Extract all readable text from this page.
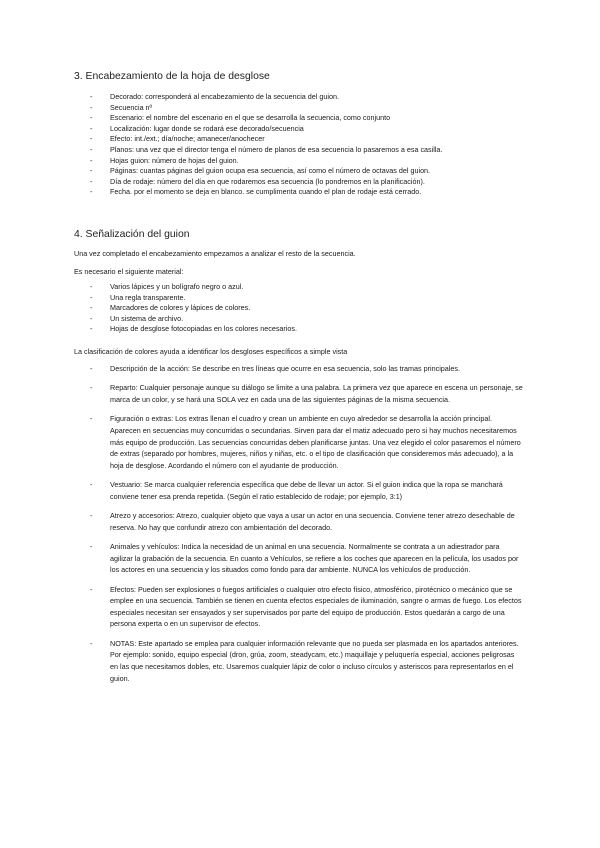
3. Encabezamiento de la hoja de desglose
- Decorado: corresponderá al encabezamiento de la secuencia del guion.
- Secuencia nº
- Escenario: el nombre del escenario en el que se desarrolla la secuencia, como conjunto
- Localización: lugar donde se rodará ese decorado/secuencia
- Efecto: int./ext.; día/noche; amanecer/anochecer
- Planos: una vez que el director tenga el número de planos de esa secuencia lo pasaremos a esa casilla.
- Hojas guion: número de hojas del guion.
- Páginas: cuantas páginas del guion ocupa esa secuencia, así como el número de octavas del guion.
- Día de rodaje: número del día en que rodaremos esa secuencia (lo pondremos en la planificación).
- Fecha. por el momento se deja en blanco. se cumplimenta cuando el plan de rodaje está cerrado.
4. Señalización del guion

Una vez completado el encabezamiento empezamos a analizar el resto de la secuencia.

Es necesario el siguiente material:

- Varios lápices y un bolígrafo negro o azul.
- Una regla transparente.
- Marcadores de colores y lápices de colores.
- Un sistema de archivo.
- Hojas de desglose fotocopiadas en los colores necesarios.

La clasificación de colores ayuda a identificar los desgloses específicos a simple vista

- Descripción de la acción: Se describe en tres líneas que ocurre en esa secuencia, solo las tramas principales.
- Reparto: Cualquier personaje aunque su diálogo se limite a una palabra. La primera vez que aparece en escena un personaje, se marca de un color, y se hará una SOLA vez en cada una de las siguientes páginas de la misma secuencia.
- Figuración o extras: Los extras llenan el cuadro y crean un ambiente en cuyo alrededor se desarrolla la acción principal. Aparecen en secuencias muy concurridas o secundarias. Sirven para dar el matiz adecuado pero si hay muchos necesitaremos más equipo de producción. Las secuencias concurridas deben planificarse juntas. Una vez elegido el color pasaremos el número de extras (separado por hombres, mujeres, niños y niñas, etc. o el tipo de clasificación que consideremos más adecuado), a la hoja de desglose. Acordando el número con el ayudante de producción.
- Vestuario: Se marca cualquier referencia específica que debe de llevar un actor. Si el guion indica que la ropa se manchará conviene tener esa prenda repetida. (Según el ratio establecido de rodaje; por ejemplo, 3:1)
- Atrezo y accesorios: Atrezo, cualquier objeto que vaya a usar un actor en una secuencia. Conviene tener atrezo desechable de reserva. No hay que confundir atrezo con ambientación del decorado.
- Animales y vehículos: Indica la necesidad de un animal en una secuencia. Normalmente se contrata a un adiestrador para agilizar la grabación de la secuencia. En cuanto a Vehículos, se refiere a los coches que aparecen en la película, los usados por los actores en una secuencia y los situados como fondo para dar ambiente. NUNCA los vehículos de producción.
- Efectos: Pueden ser explosiones o fuegos artificiales o cualquier otro efecto físico, atmosférico, pirotécnico o mecánico que se emplee en una secuencia. También se tienen en cuenta efectos especiales de iluminación, sangre o armas de fuego. Los efectos especiales necesitan ser ensayados y ser supervisados por parte del equipo de producción. Estos quedarán a cargo de una persona experta o en un supervisor de efectos.
- NOTAS: Este apartado se emplea para cualquier información relevante que no pueda ser plasmada en los apartados anteriores. Por ejemplo: sonido, equipo especial (dron, grúa, zoom, steadycam, etc.) maquillaje y peluquería especial, acciones peligrosas en las que necesitamos dobles, etc. Usaremos cualquier lápiz de color o incluso círculos y asteriscos para representarlos en el guion.
